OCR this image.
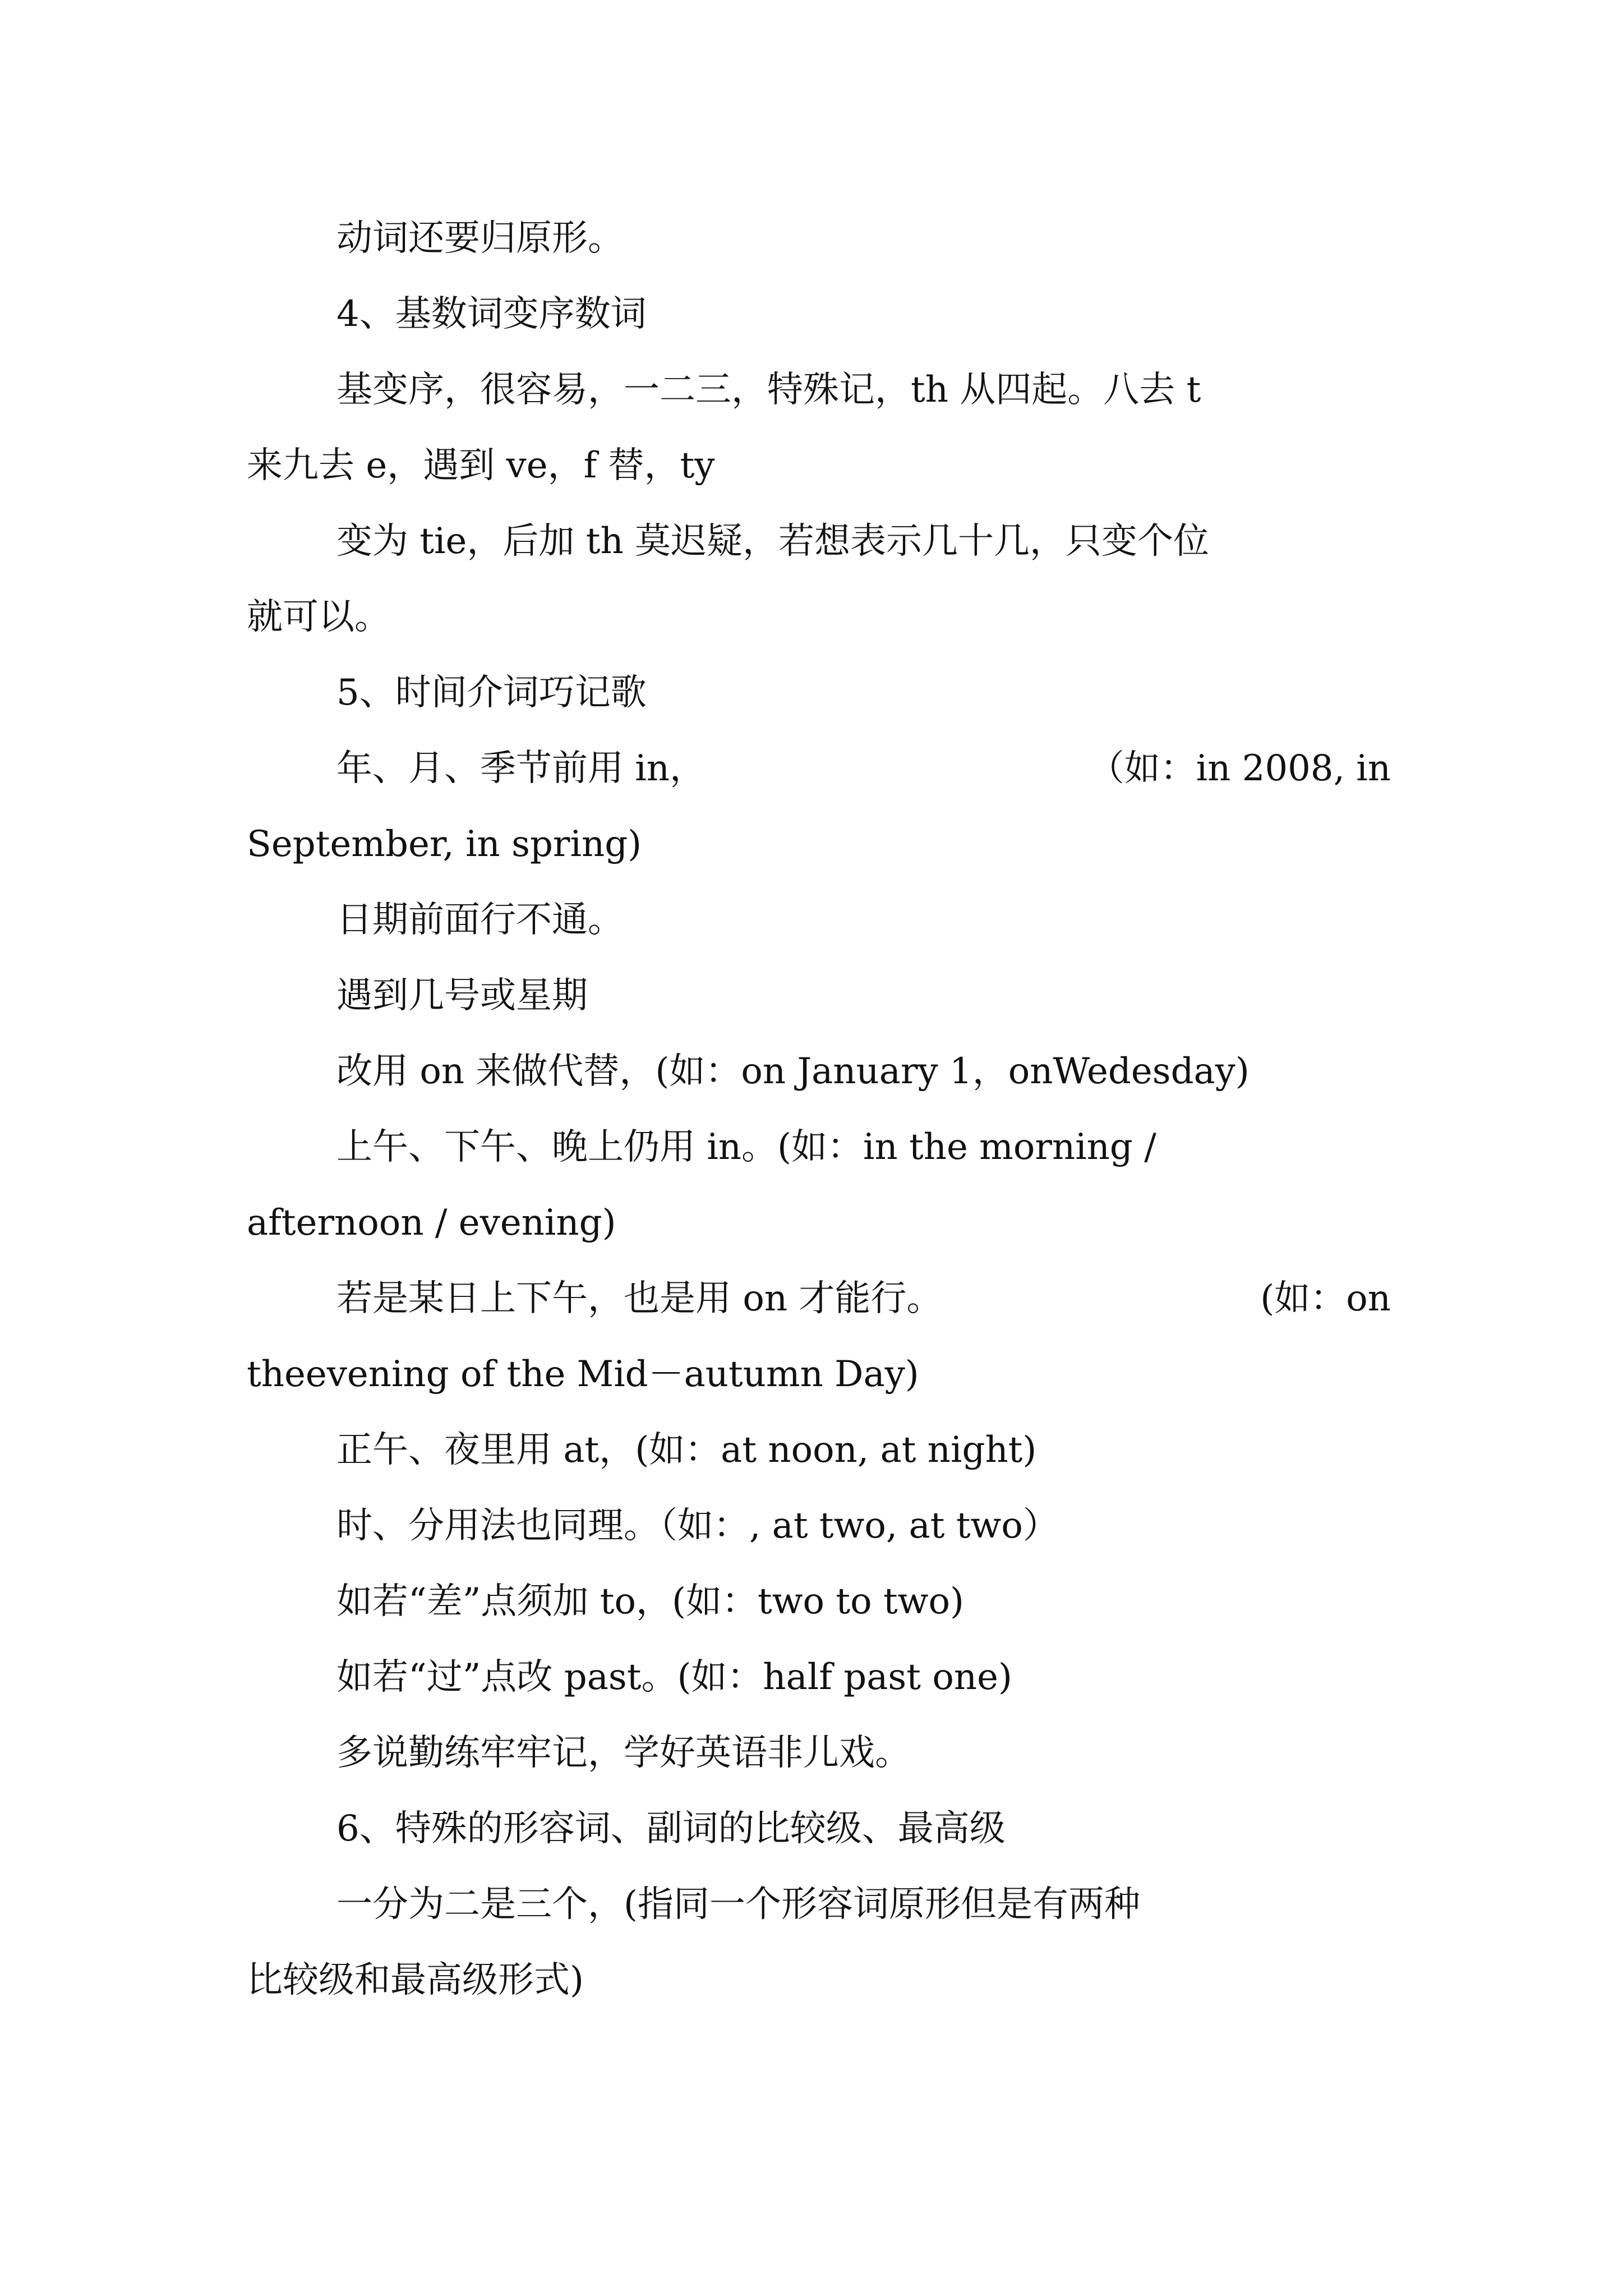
动词还要归原形。
4、基数词变序数词
基变序，很容易，一二三，特殊记，th 从四起。八去 t
来九去 e，遇到 ve，f 替，ty
变为 tie，后加 th 莫迟疑，若想表示几十几，只变个位
就可以。
5、时间介词巧记歌
年、月、季节前用 in，	（如：in 2008, in
September, in spring)
日期前面行不通。
遇到几号或星期
改用 on 来做代替，(如：on January 1，onWedesday)
上午、下午、晚上仍用 in。(如：in the morning /
afternoon / evening)
若是某日上下午，也是用 on 才能行。	(如：on
theevening of the Mid－autumn Day)
正午、夜里用 at，(如：at noon, at night)
时、分用法也同理。（如：, at two, at two）
如若“差”点须加 to，(如：two to two)
如若“过”点改 past。(如：half past one)
多说勤练牢牢记，学好英语非儿戏。
6、特殊的形容词、副词的比较级、最高级
一分为二是三个，(指同一个形容词原形但是有两种
比较级和最高级形式)
